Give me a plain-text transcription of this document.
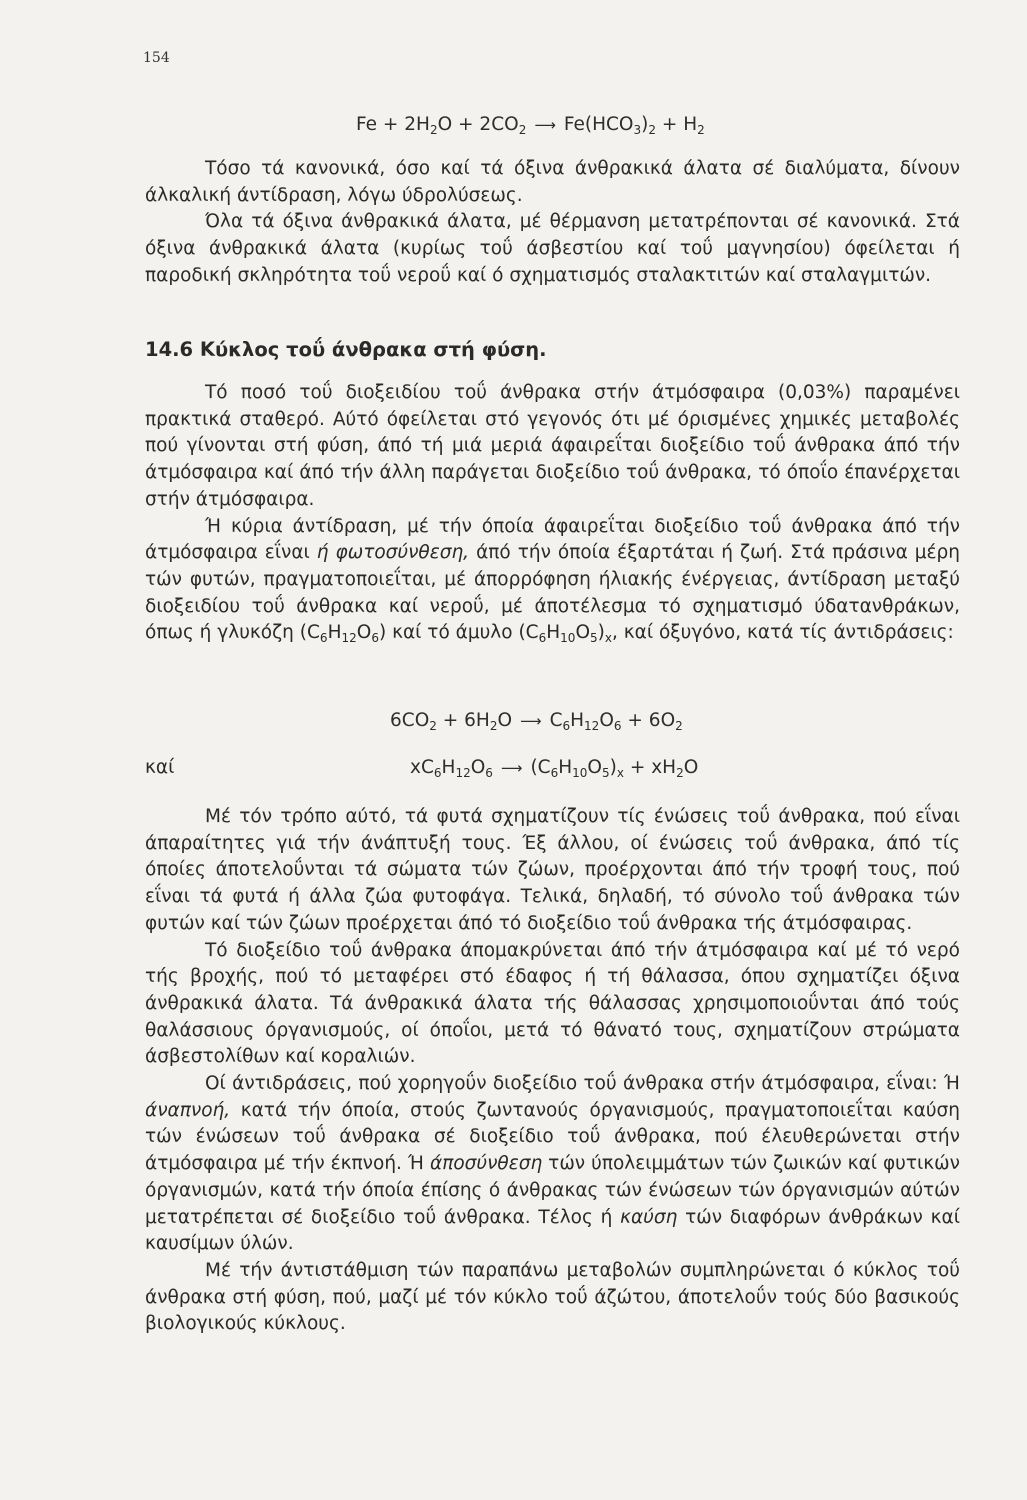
154
$Fe + 2H_2O + 2CO_2$ ⟶ $Fe(HCO_3)_2 + H_2$

Τόσο τά κανονικά, όσο καί τά όξινα άνθρακικά άλατα σέ διαλύματα, δίνουν άλκαλική άντίδραση, λόγω ύδρολύσεως.

Όλα τά όξινα άνθρακικά άλατα, μέ θέρμανση μετατρέπονται σέ κανονικά. Στά όξινα άνθρακικά άλατα (κυρίως τοΰ άσβεστίου καί τοΰ μαγνησίου) όφείλεται ή παροδική σκληρότητα τοΰ νεροΰ καί ό σχηματισμός σταλακτιτών καί σταλαγμιτών.

14.6 Κύκλος τοΰ άνθρακα στή φύση.

Τό ποσό τοΰ διοξειδίου τοΰ άνθρακα στήν άτμόσφαιρα (0,03%) παραμένει πρακτικά σταθερό. Αύτό όφείλεται στό γεγονός ότι μέ όρισμένες χημικές μεταβολές πού γίνονται στή φύση, άπό τή μιά μεριά άφαιρεΐται διοξείδιο τοΰ άνθρακα άπό τήν άτμόσφαιρα καί άπό τήν άλλη παράγεται διοξείδιο τοΰ άνθρακα, τό όποΐο έπανέρχεται στήν άτμόσφαιρα.

Ή κύρια άντίδραση, μέ τήν όποία άφαιρεΐται διοξείδιο τοΰ άνθρακα άπό τήν άτμόσφαιρα εΐναι ή φωτοσύνθεση, άπό τήν όποία έξαρτάται ή ζωή. Στά πράσινα μέρη τών φυτών, πραγματοποιεΐται, μέ άπορρόφηση ήλιακής ένέργειας, άντίδραση μεταξύ διοξειδίου τοΰ άνθρακα καί νεροΰ, μέ άποτέλεσμα τό σχηματισμό ύδατανθράκων, όπως ή γλυκόζη $(C_6H_{12}O_6)$ καί τό άμυλο $(C_6H_{10}O_5)_x$, καί όξυγόνο, κατά τίς άντιδράσεις:

$6CO_2 + 6H_2O$ ⟶ $C_6H_{12}O_6 + 6O_2$
καί	$xC_6H_{12}O_6$ ⟶ $(C_6H_{10}O_5)_x + xH_2O$

Μέ τόν τρόπο αύτό, τά φυτά σχηματίζουν τίς ένώσεις τοΰ άνθρακα, πού εΐναι άπαραίτητες γιά τήν άνάπτυξή τους. Έξ άλλου, οί ένώσεις τοΰ άνθρακα, άπό τίς όποίες άποτελοΰνται τά σώματα τών ζώων, προέρχονται άπό τήν τροφή τους, πού εΐναι τά φυτά ή άλλα ζώα φυτοφάγα. Τελικά, δηλαδή, τό σύνολο τοΰ άνθρακα τών φυτών καί τών ζώων προέρχεται άπό τό διοξείδιο τοΰ άνθρακα τής άτμόσφαιρας.

Τό διοξείδιο τοΰ άνθρακα άπομακρύνεται άπό τήν άτμόσφαιρα καί μέ τό νερό τής βροχής, πού τό μεταφέρει στό έδαφος ή τή θάλασσα, όπου σχηματίζει όξινα άνθρακικά άλατα. Τά άνθρακικά άλατα τής θάλασσας χρησιμοποιοΰνται άπό τούς θαλάσσιους όργανισμούς, οί όποΐοι, μετά τό θάνατό τους, σχηματίζουν στρώματα άσβεστολίθων καί κοραλιών.

Οί άντιδράσεις, πού χορηγοΰν διοξείδιο τοΰ άνθρακα στήν άτμόσφαιρα, εΐναι: Ή άναπνοή, κατά τήν όποία, στούς ζωντανούς όργανισμούς, πραγματοποιεΐται καύση τών ένώσεων τοΰ άνθρακα σέ διοξείδιο τοΰ άνθρακα, πού έλευθερώνεται στήν άτμόσφαιρα μέ τήν έκπνοή. Ή άποσύνθεση τών ύπολειμμάτων τών ζωικών καί φυτικών όργανισμών, κατά τήν όποία έπίσης ό άνθρακας τών ένώσεων τών όργανισμών αύτών μετατρέπεται σέ διοξείδιο τοΰ άνθρακα. Τέλος ή καύση τών διαφόρων άνθράκων καί καυσίμων ύλών.

Μέ τήν άντιστάθμιση τών παραπάνω μεταβολών συμπληρώνεται ό κύκλος τοΰ άνθρακα στή φύση, πού, μαζί μέ τόν κύκλο τοΰ άζώτου, άποτελοΰν τούς δύο βασικούς βιολογικούς κύκλους.
